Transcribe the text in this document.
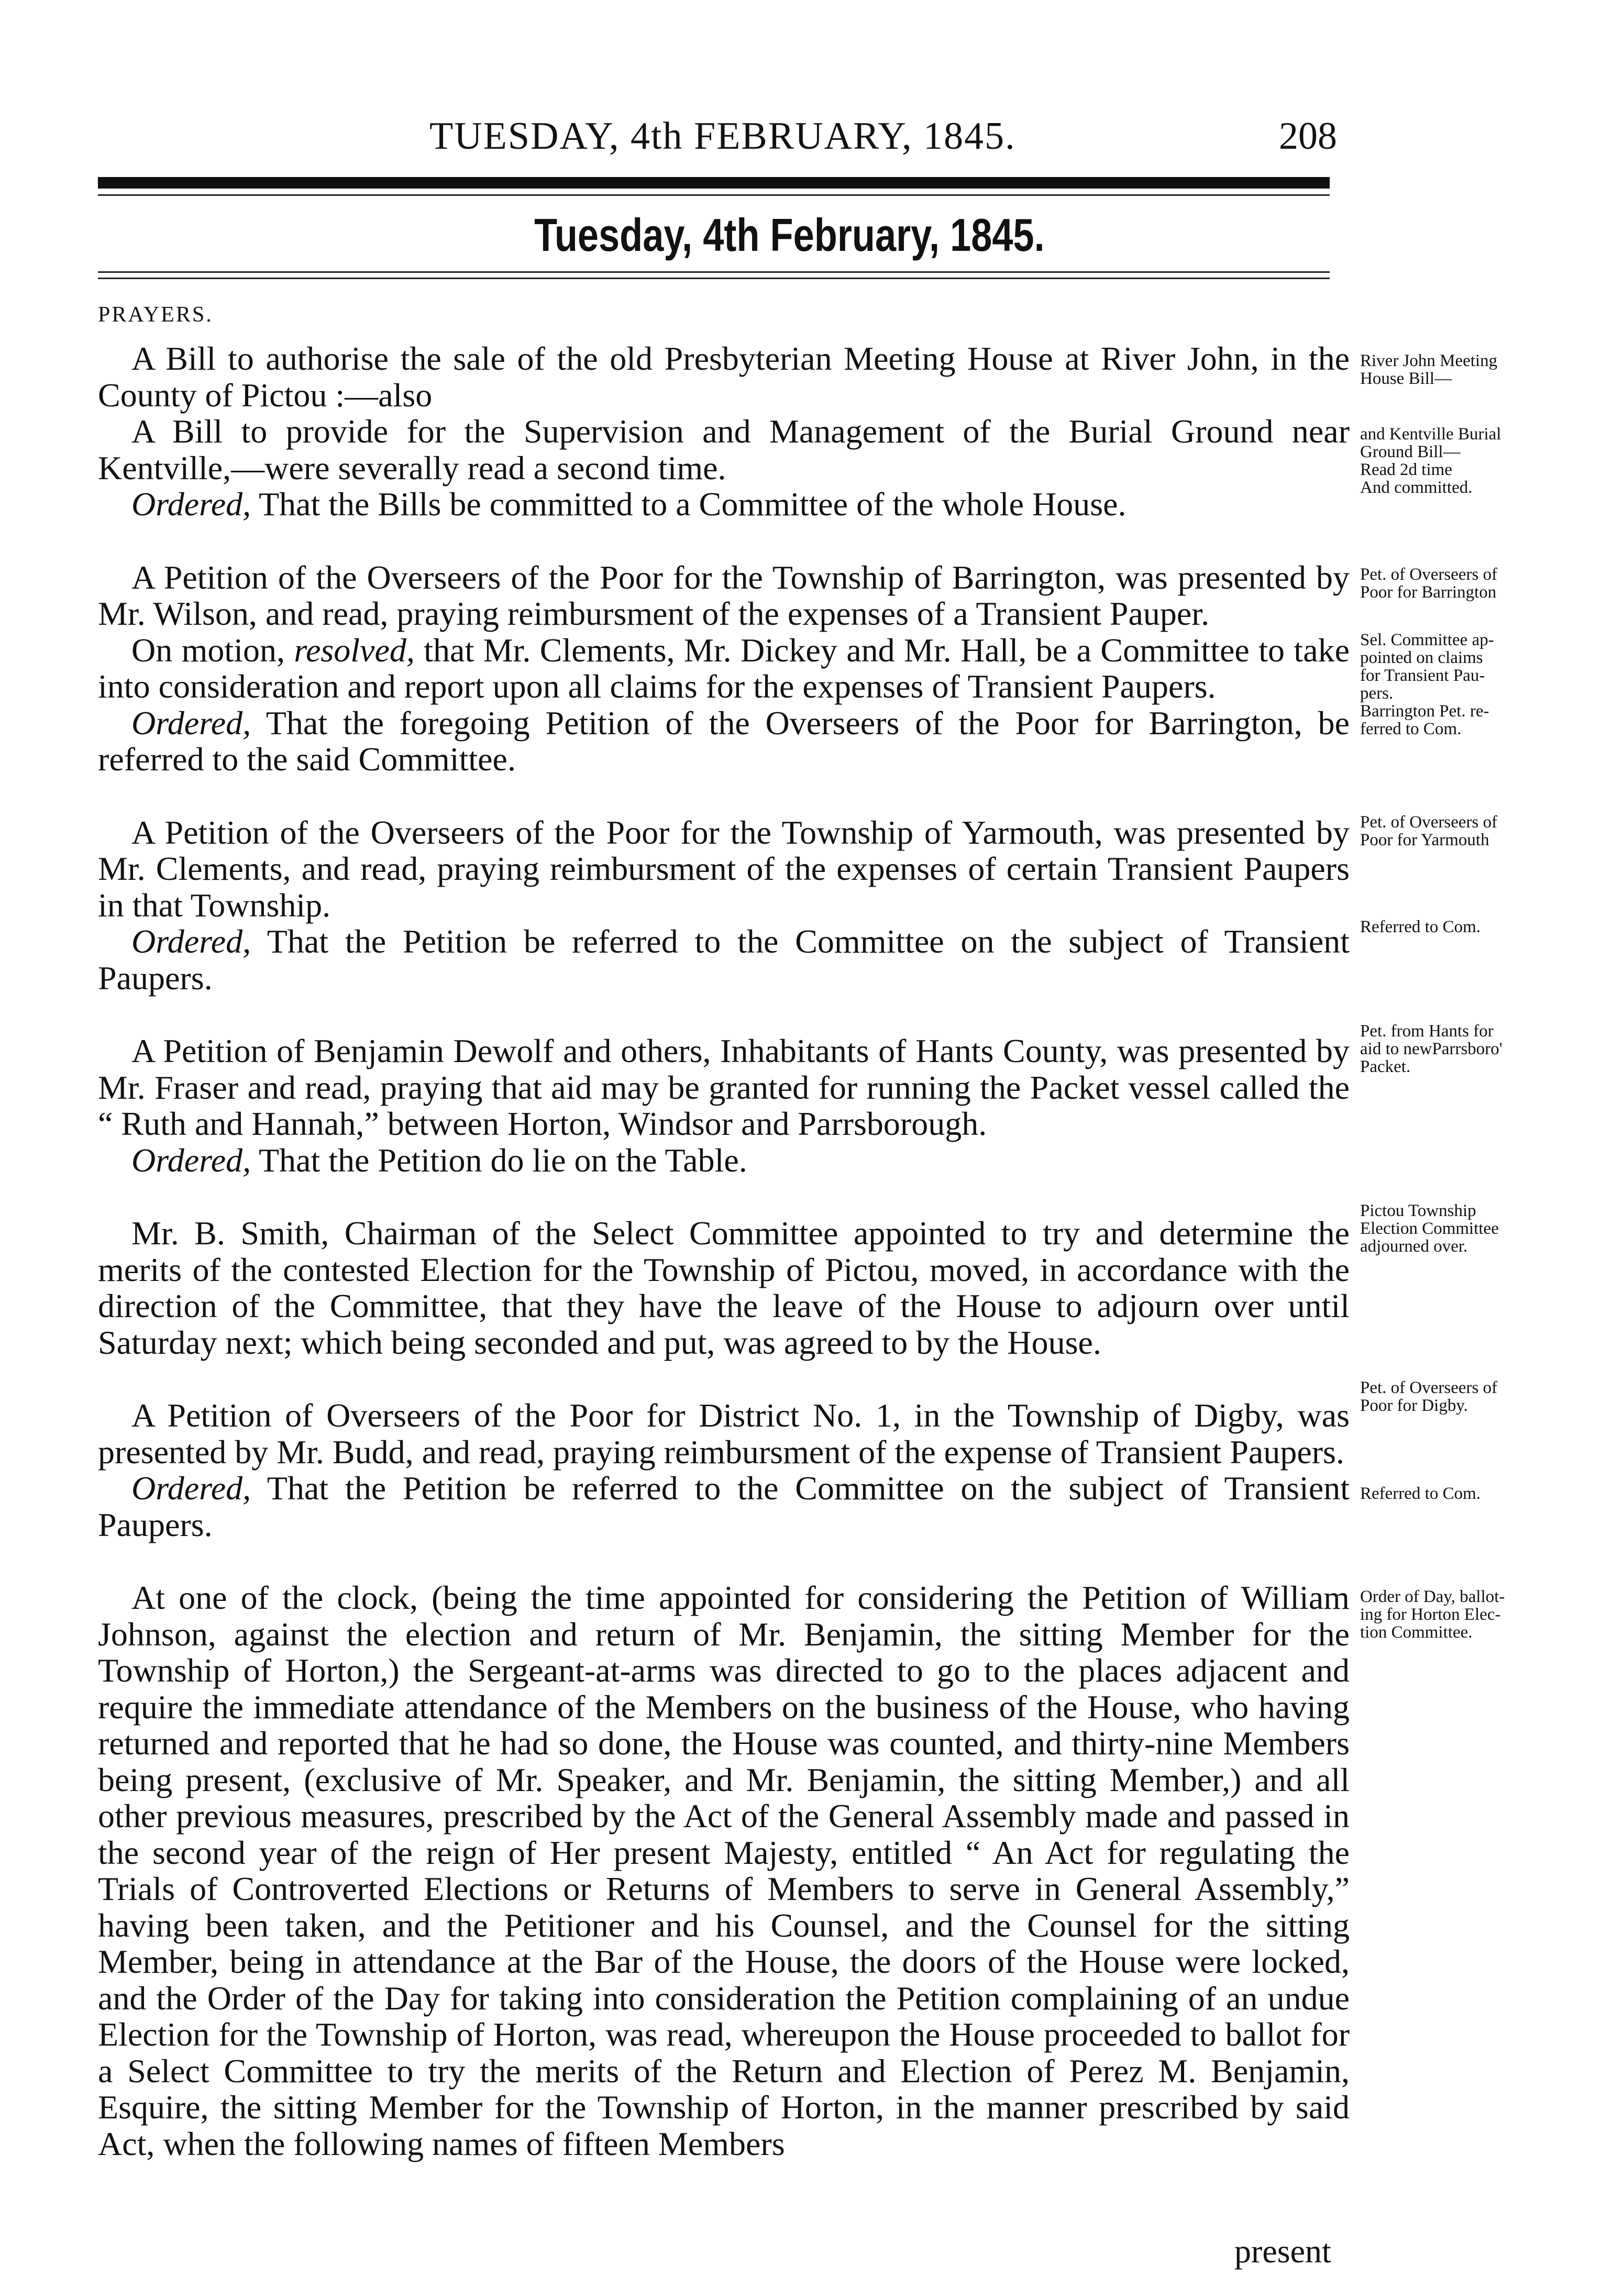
TUESDAY, 4th FEBRUARY, 1845.	208
Tuesday, 4th February, 1845.
PRAYERS.

A Bill to authorise the sale of the old Presbyterian Meeting House at River John, in the County of Pictou :—also

A Bill to provide for the Supervision and Management of the Burial Ground near Kentville,—were severally read a second time.

Ordered, That the Bills be committed to a Committee of the whole House.

A Petition of the Overseers of the Poor for the Township of Barrington, was presented by Mr. Wilson, and read, praying reimbursment of the expenses of a Transient Pauper.

On motion, resolved, that Mr. Clements, Mr. Dickey and Mr. Hall, be a Committee to take into consideration and report upon all claims for the expenses of Transient Paupers.

Ordered, That the foregoing Petition of the Overseers of the Poor for Barrington, be referred to the said Committee.

A Petition of the Overseers of the Poor for the Township of Yarmouth, was presented by Mr. Clements, and read, praying reimbursment of the expenses of certain Transient Paupers in that Township.

Ordered, That the Petition be referred to the Committee on the subject of Transient Paupers.

A Petition of Benjamin Dewolf and others, Inhabitants of Hants County, was presented by Mr. Fraser and read, praying that aid may be granted for running the Packet vessel called the “ Ruth and Hannah,” between Horton, Windsor and Parrsborough.

Ordered, That the Petition do lie on the Table.

Mr. B. Smith, Chairman of the Select Committee appointed to try and determine the merits of the contested Election for the Township of Pictou, moved, in accordance with the direction of the Committee, that they have the leave of the House to adjourn over until Saturday next; which being seconded and put, was agreed to by the House.

A Petition of Overseers of the Poor for District No. 1, in the Township of Digby, was presented by Mr. Budd, and read, praying reimbursment of the expense of Transient Paupers.

Ordered, That the Petition be referred to the Committee on the subject of Transient Paupers.

At one of the clock, (being the time appointed for considering the Petition of William Johnson, against the election and return of Mr. Benjamin, the sitting Member for the Township of Horton,) the Sergeant-at-arms was directed to go to the places adjacent and require the immediate attendance of the Members on the business of the House, who having returned and reported that he had so done, the House was counted, and thirty-nine Members being present, (exclusive of Mr. Speaker, and Mr. Benjamin, the sitting Member,) and all other previous measures, prescribed by the Act of the General Assembly made and passed in the second year of the reign of Her present Majesty, entitled “ An Act for regulating the Trials of Controverted Elections or Returns of Members to serve in General Assembly,” having been taken, and the Petitioner and his Counsel, and the Counsel for the sitting Member, being in attendance at the Bar of the House, the doors of the House were locked, and the Order of the Day for taking into consideration the Petition complaining of an undue Election for the Township of Horton, was read, whereupon the House proceeded to ballot for a Select Committee to try the merits of the Return and Election of Perez M. Benjamin, Esquire, the sitting Member for the Township of Horton, in the manner prescribed by said Act, when the following names of fifteen Members

River John Meeting
House Bill—
and Kentville Burial
Ground Bill—
Read 2d time
And committed.
Pet. of Overseers of
Poor for Barrington
Sel. Committee ap-
pointed on claims
for Transient Pau-
pers.
Barrington Pet. re-
ferred to Com.
Pet. of Overseers of
Poor for Yarmouth
Referred to Com.
Pet. from Hants for
aid to newParrsboro'
Packet.
Pictou Township
Election Committee
adjourned over.
Pet. of Overseers of
Poor for Digby.
Referred to Com.
Order of Day, ballot-
ing for Horton Elec-
tion Committee.
present
